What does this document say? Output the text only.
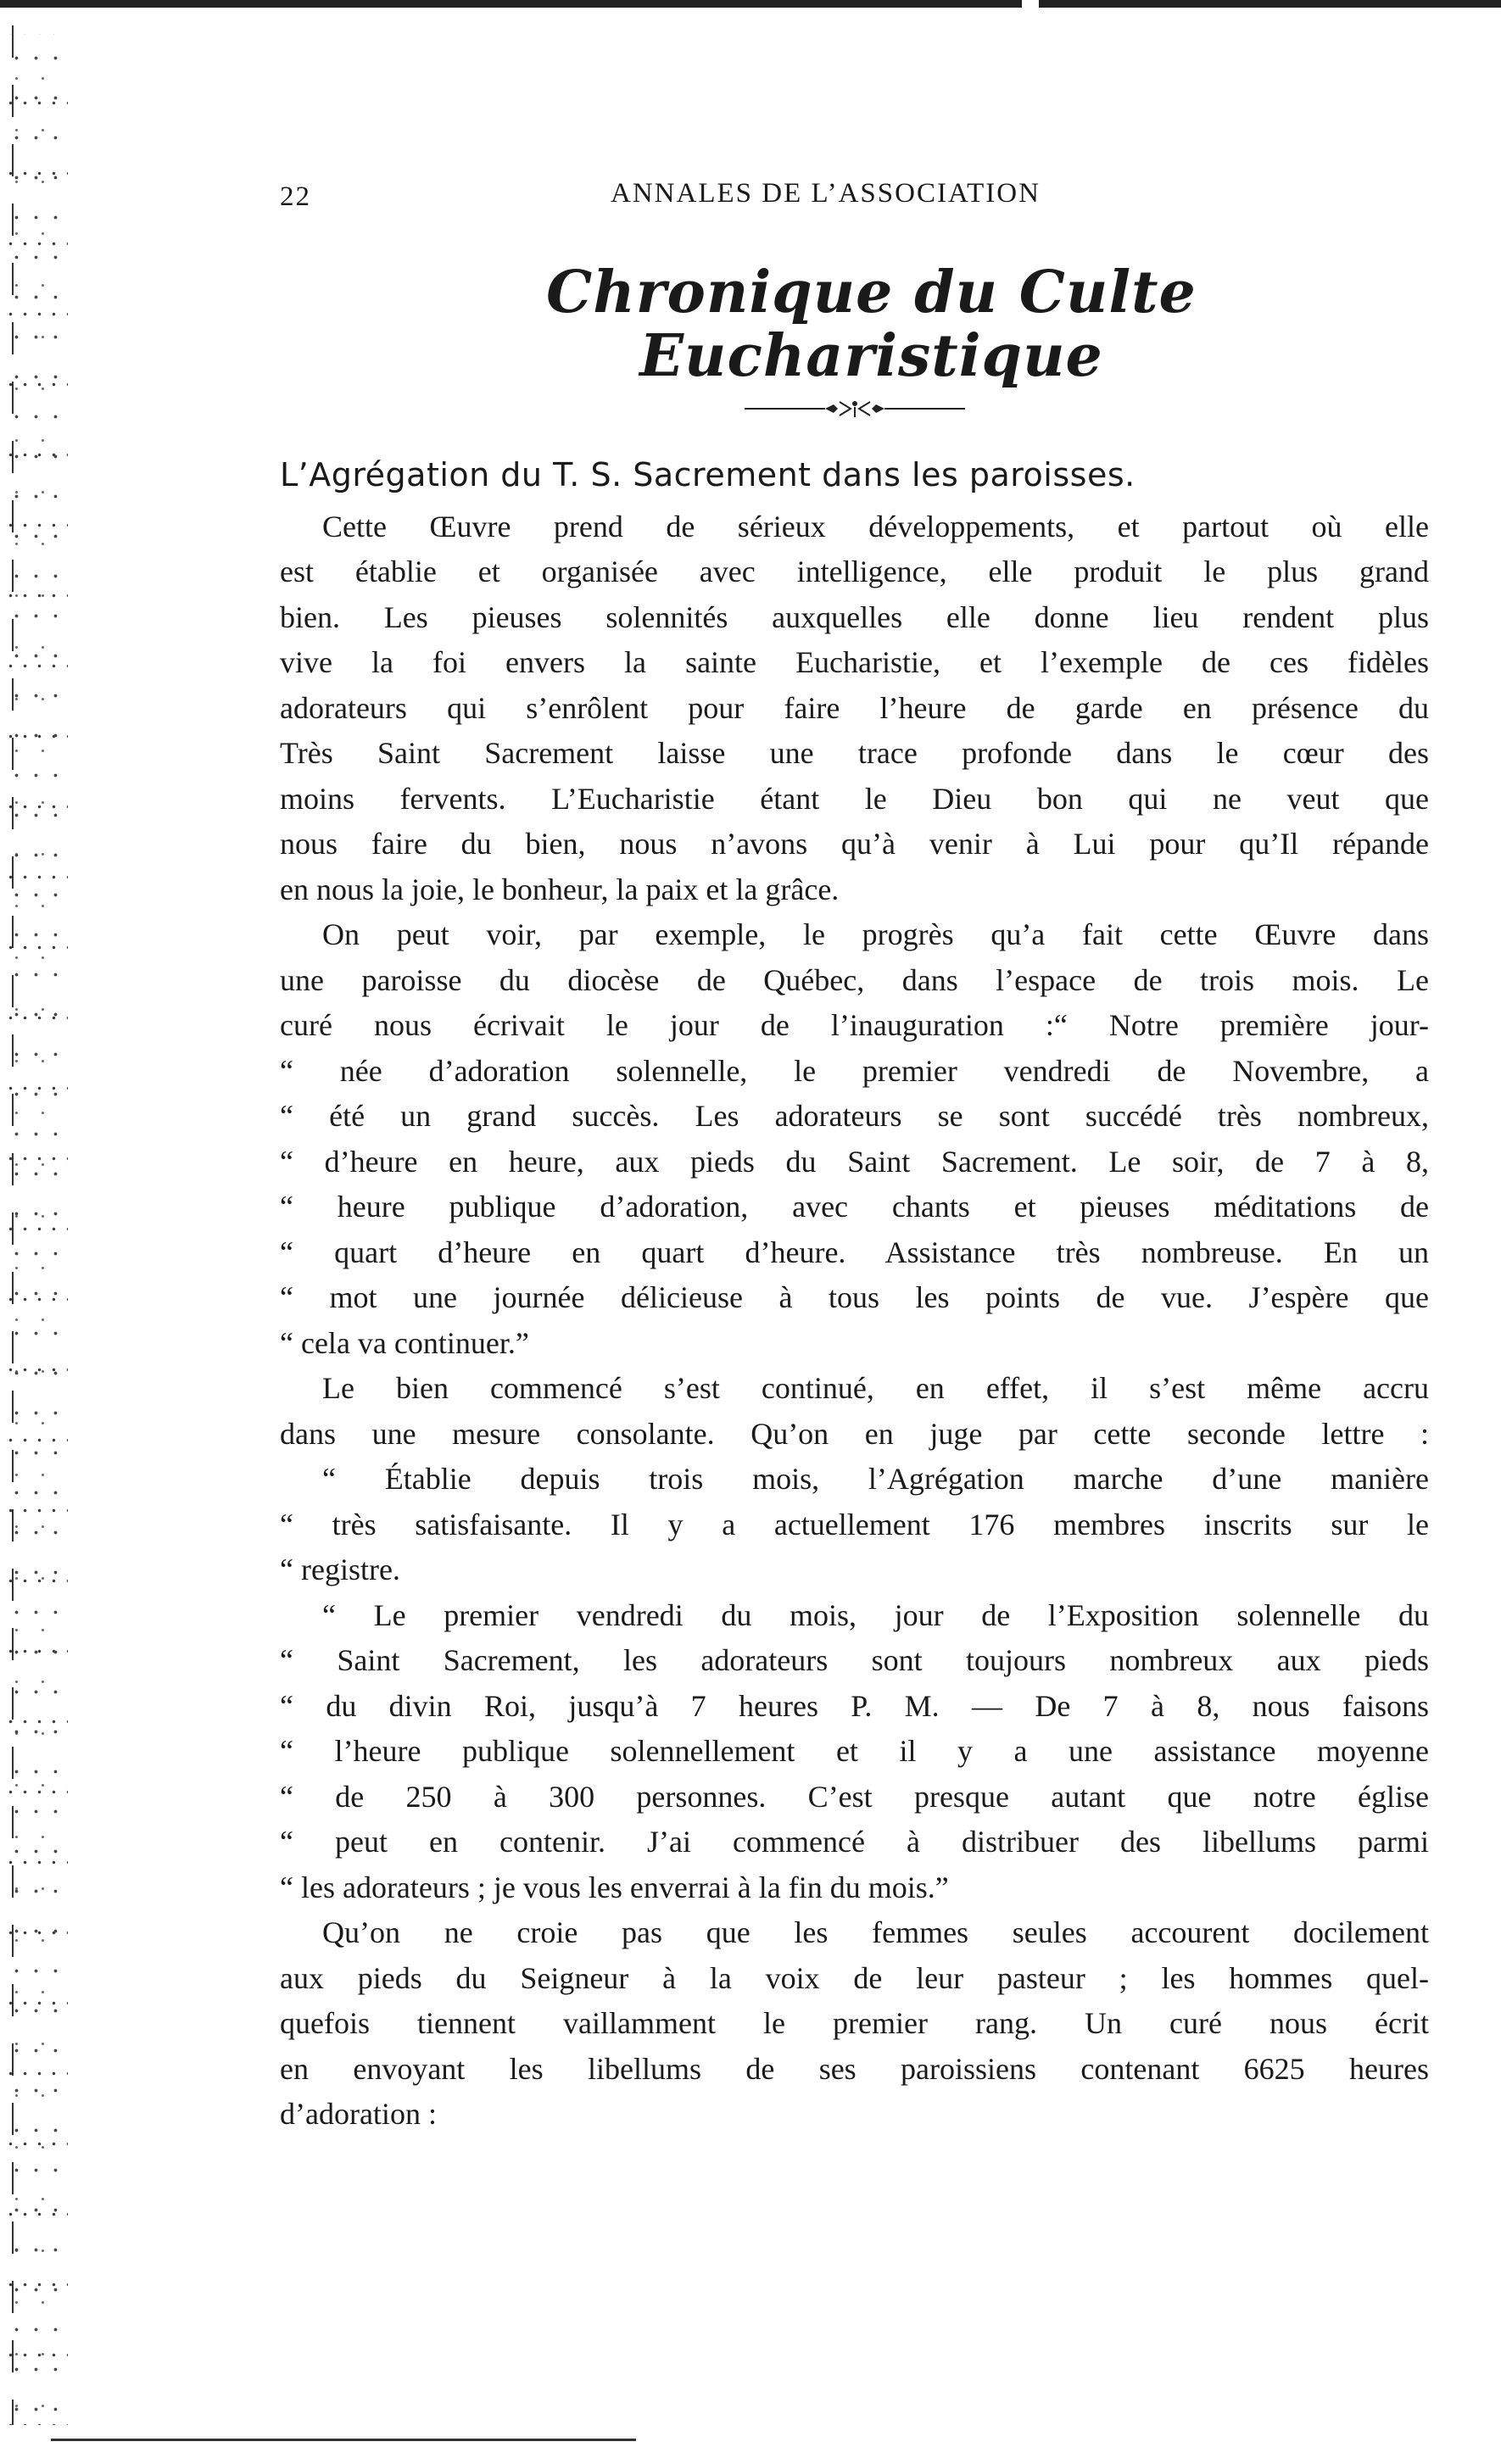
22	ANNALES DE L’ASSOCIATION
Chronique du Culte Eucharistique
L’Agrégation du T. S. Sacrement dans les paroisses.

Cette Œuvre prend de sérieux développements, et partout où elle
est établie et organisée avec intelligence, elle produit le plus grand
bien. Les pieuses solennités auxquelles elle donne lieu rendent plus
vive la foi envers la sainte Eucharistie, et l’exemple de ces fidèles
adorateurs qui s’enrôlent pour faire l’heure de garde en présence du
Très Saint Sacrement laisse une trace profonde dans le cœur des
moins fervents. L’Eucharistie étant le Dieu bon qui ne veut que
nous faire du bien, nous n’avons qu’à venir à Lui pour qu’Il répande
en nous la joie, le bonheur, la paix et la grâce.

On peut voir, par exemple, le progrès qu’a fait cette Œuvre dans
une paroisse du diocèse de Québec, dans l’espace de trois mois. Le
curé nous écrivait le jour de l’inauguration :“ Notre première jour-
“ née d’adoration solennelle, le premier vendredi de Novembre, a
“ été un grand succès. Les adorateurs se sont succédé très nombreux,
“ d’heure en heure, aux pieds du Saint Sacrement. Le soir, de 7 à 8,
“ heure publique d’adoration, avec chants et pieuses méditations de
“ quart d’heure en quart d’heure. Assistance très nombreuse. En un
“ mot une journée délicieuse à tous les points de vue. J’espère que
“ cela va continuer.”

Le bien commencé s’est continué, en effet, il s’est même accru
dans une mesure consolante. Qu’on en juge par cette seconde lettre :

“ Établie depuis trois mois, l’Agrégation marche d’une manière
“ très satisfaisante. Il y a actuellement 176 membres inscrits sur le
“ registre.

“ Le premier vendredi du mois, jour de l’Exposition solennelle du
“ Saint Sacrement, les adorateurs sont toujours nombreux aux pieds
“ du divin Roi, jusqu’à 7 heures P. M. — De 7 à 8, nous faisons
“ l’heure publique solennellement et il y a une assistance moyenne
“ de 250 à 300 personnes. C’est presque autant que notre église
“ peut en contenir. J’ai commencé à distribuer des libellums parmi
“ les adorateurs ; je vous les enverrai à la fin du mois.”

Qu’on ne croie pas que les femmes seules accourent docilement
aux pieds du Seigneur à la voix de leur pasteur ; les hommes quel-
quefois tiennent vaillamment le premier rang. Un curé nous écrit
en envoyant les libellums de ses paroissiens contenant 6625 heures
d’adoration :
